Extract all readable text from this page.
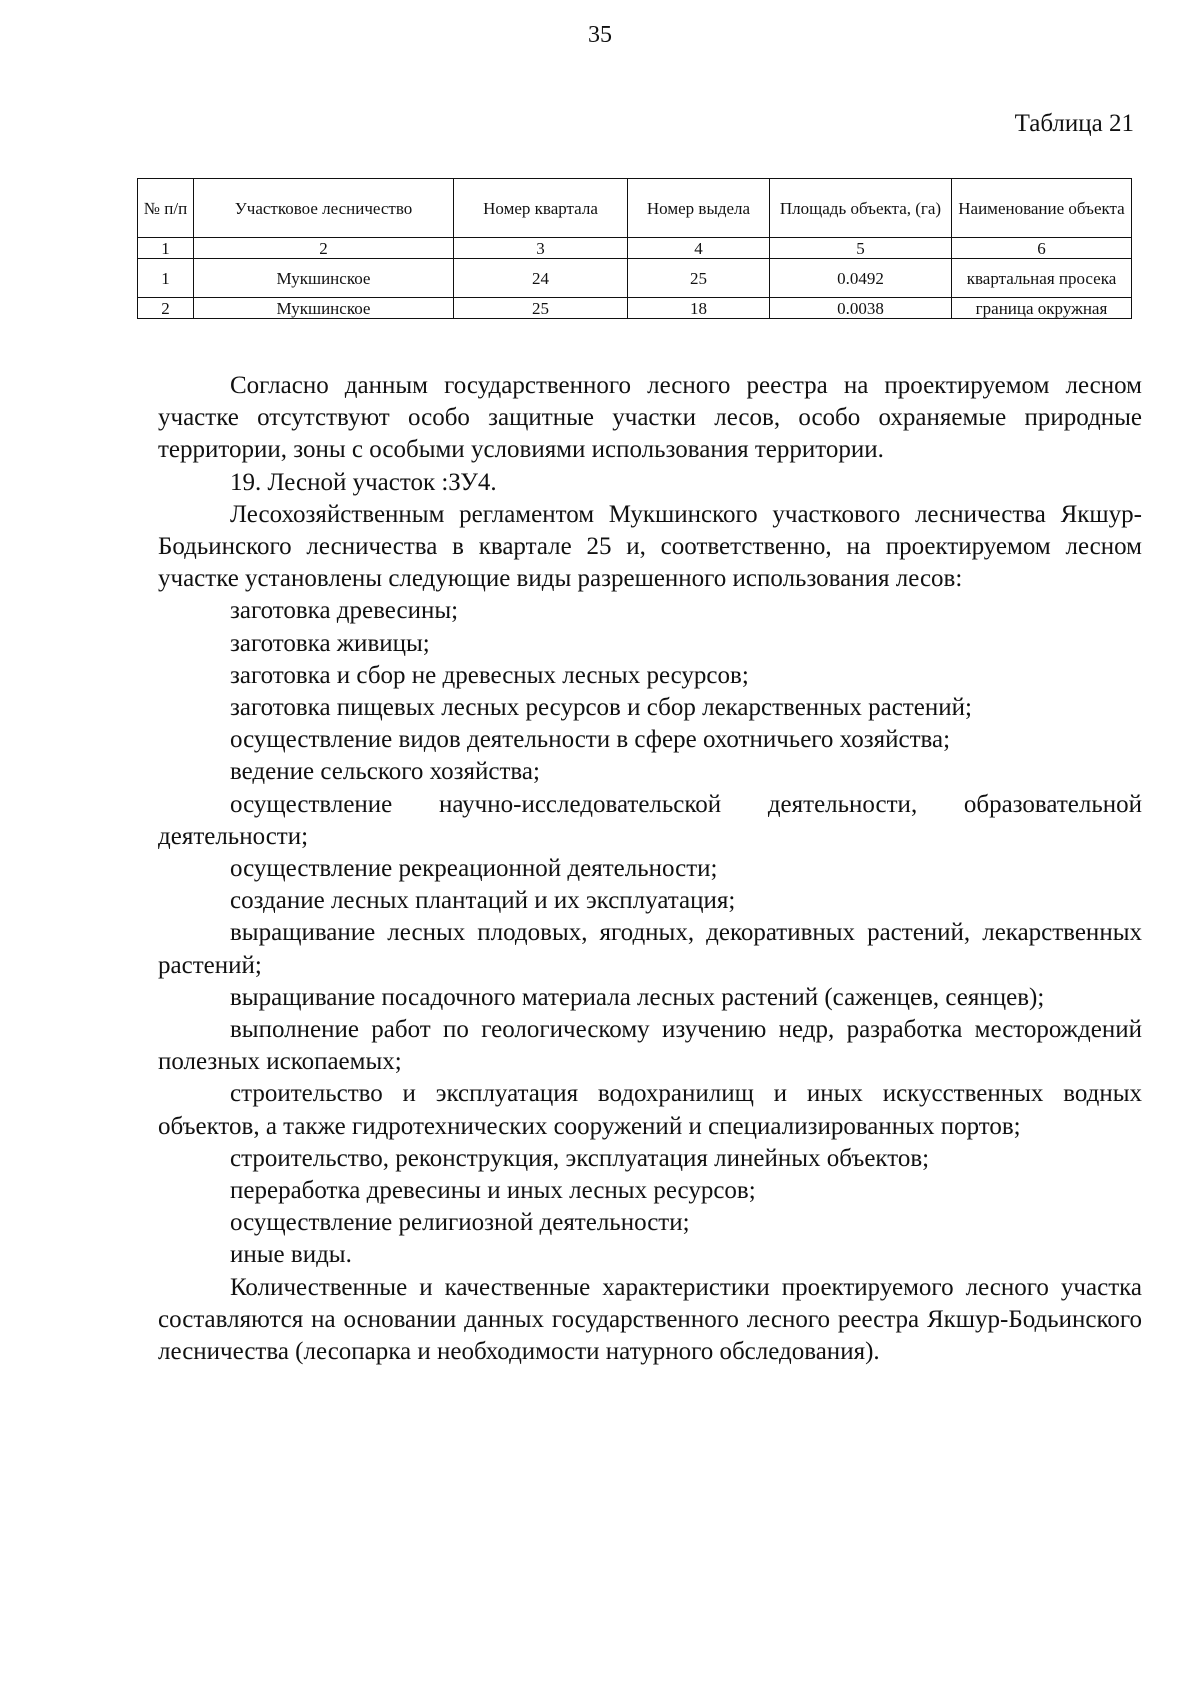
35
Таблица 21
№ п/п	Участковое лесничество	Номер квартала	Номер выдела	Площадь объекта, (га)	Наименование объекта
1	2	3	4	5	6
1	Мукшинское	24	25	0.0492	квартальная просека
2	Мукшинское	25	18	0.0038	граница окружная

Согласно данным государственного лесного реестра на проектируемом лесном участке отсутствуют особо защитные участки лесов, особо охраняемые природные территории, зоны с особыми условиями использования территории.

19. Лесной участок :ЗУ4.

Лесохозяйственным регламентом Мукшинского участкового лесничества Якшур-Бодьинского лесничества в квартале 25 и, соответственно, на проектируемом лесном участке установлены следующие виды разрешенного использования лесов:

заготовка древесины;

заготовка живицы;

заготовка и сбор не древесных лесных ресурсов;

заготовка пищевых лесных ресурсов и сбор лекарственных растений;

осуществление видов деятельности в сфере охотничьего хозяйства;

ведение сельского хозяйства;

осуществление научно-исследовательской деятельности, образовательной деятельности;

осуществление рекреационной деятельности;

создание лесных плантаций и их эксплуатация;

выращивание лесных плодовых, ягодных, декоративных растений, лекарственных растений;

выращивание посадочного материала лесных растений (саженцев, сеянцев);

выполнение работ по геологическому изучению недр, разработка месторождений полезных ископаемых;

строительство и эксплуатация водохранилищ и иных искусственных водных объектов, а также гидротехнических сооружений и специализированных портов;

строительство, реконструкция, эксплуатация линейных объектов;

переработка древесины и иных лесных ресурсов;

осуществление религиозной деятельности;

иные виды.

Количественные и качественные характеристики проектируемого лесного участка составляются на основании данных государственного лесного реестра Якшур-Бодьинского лесничества (лесопарка и необходимости натурного обследования).
